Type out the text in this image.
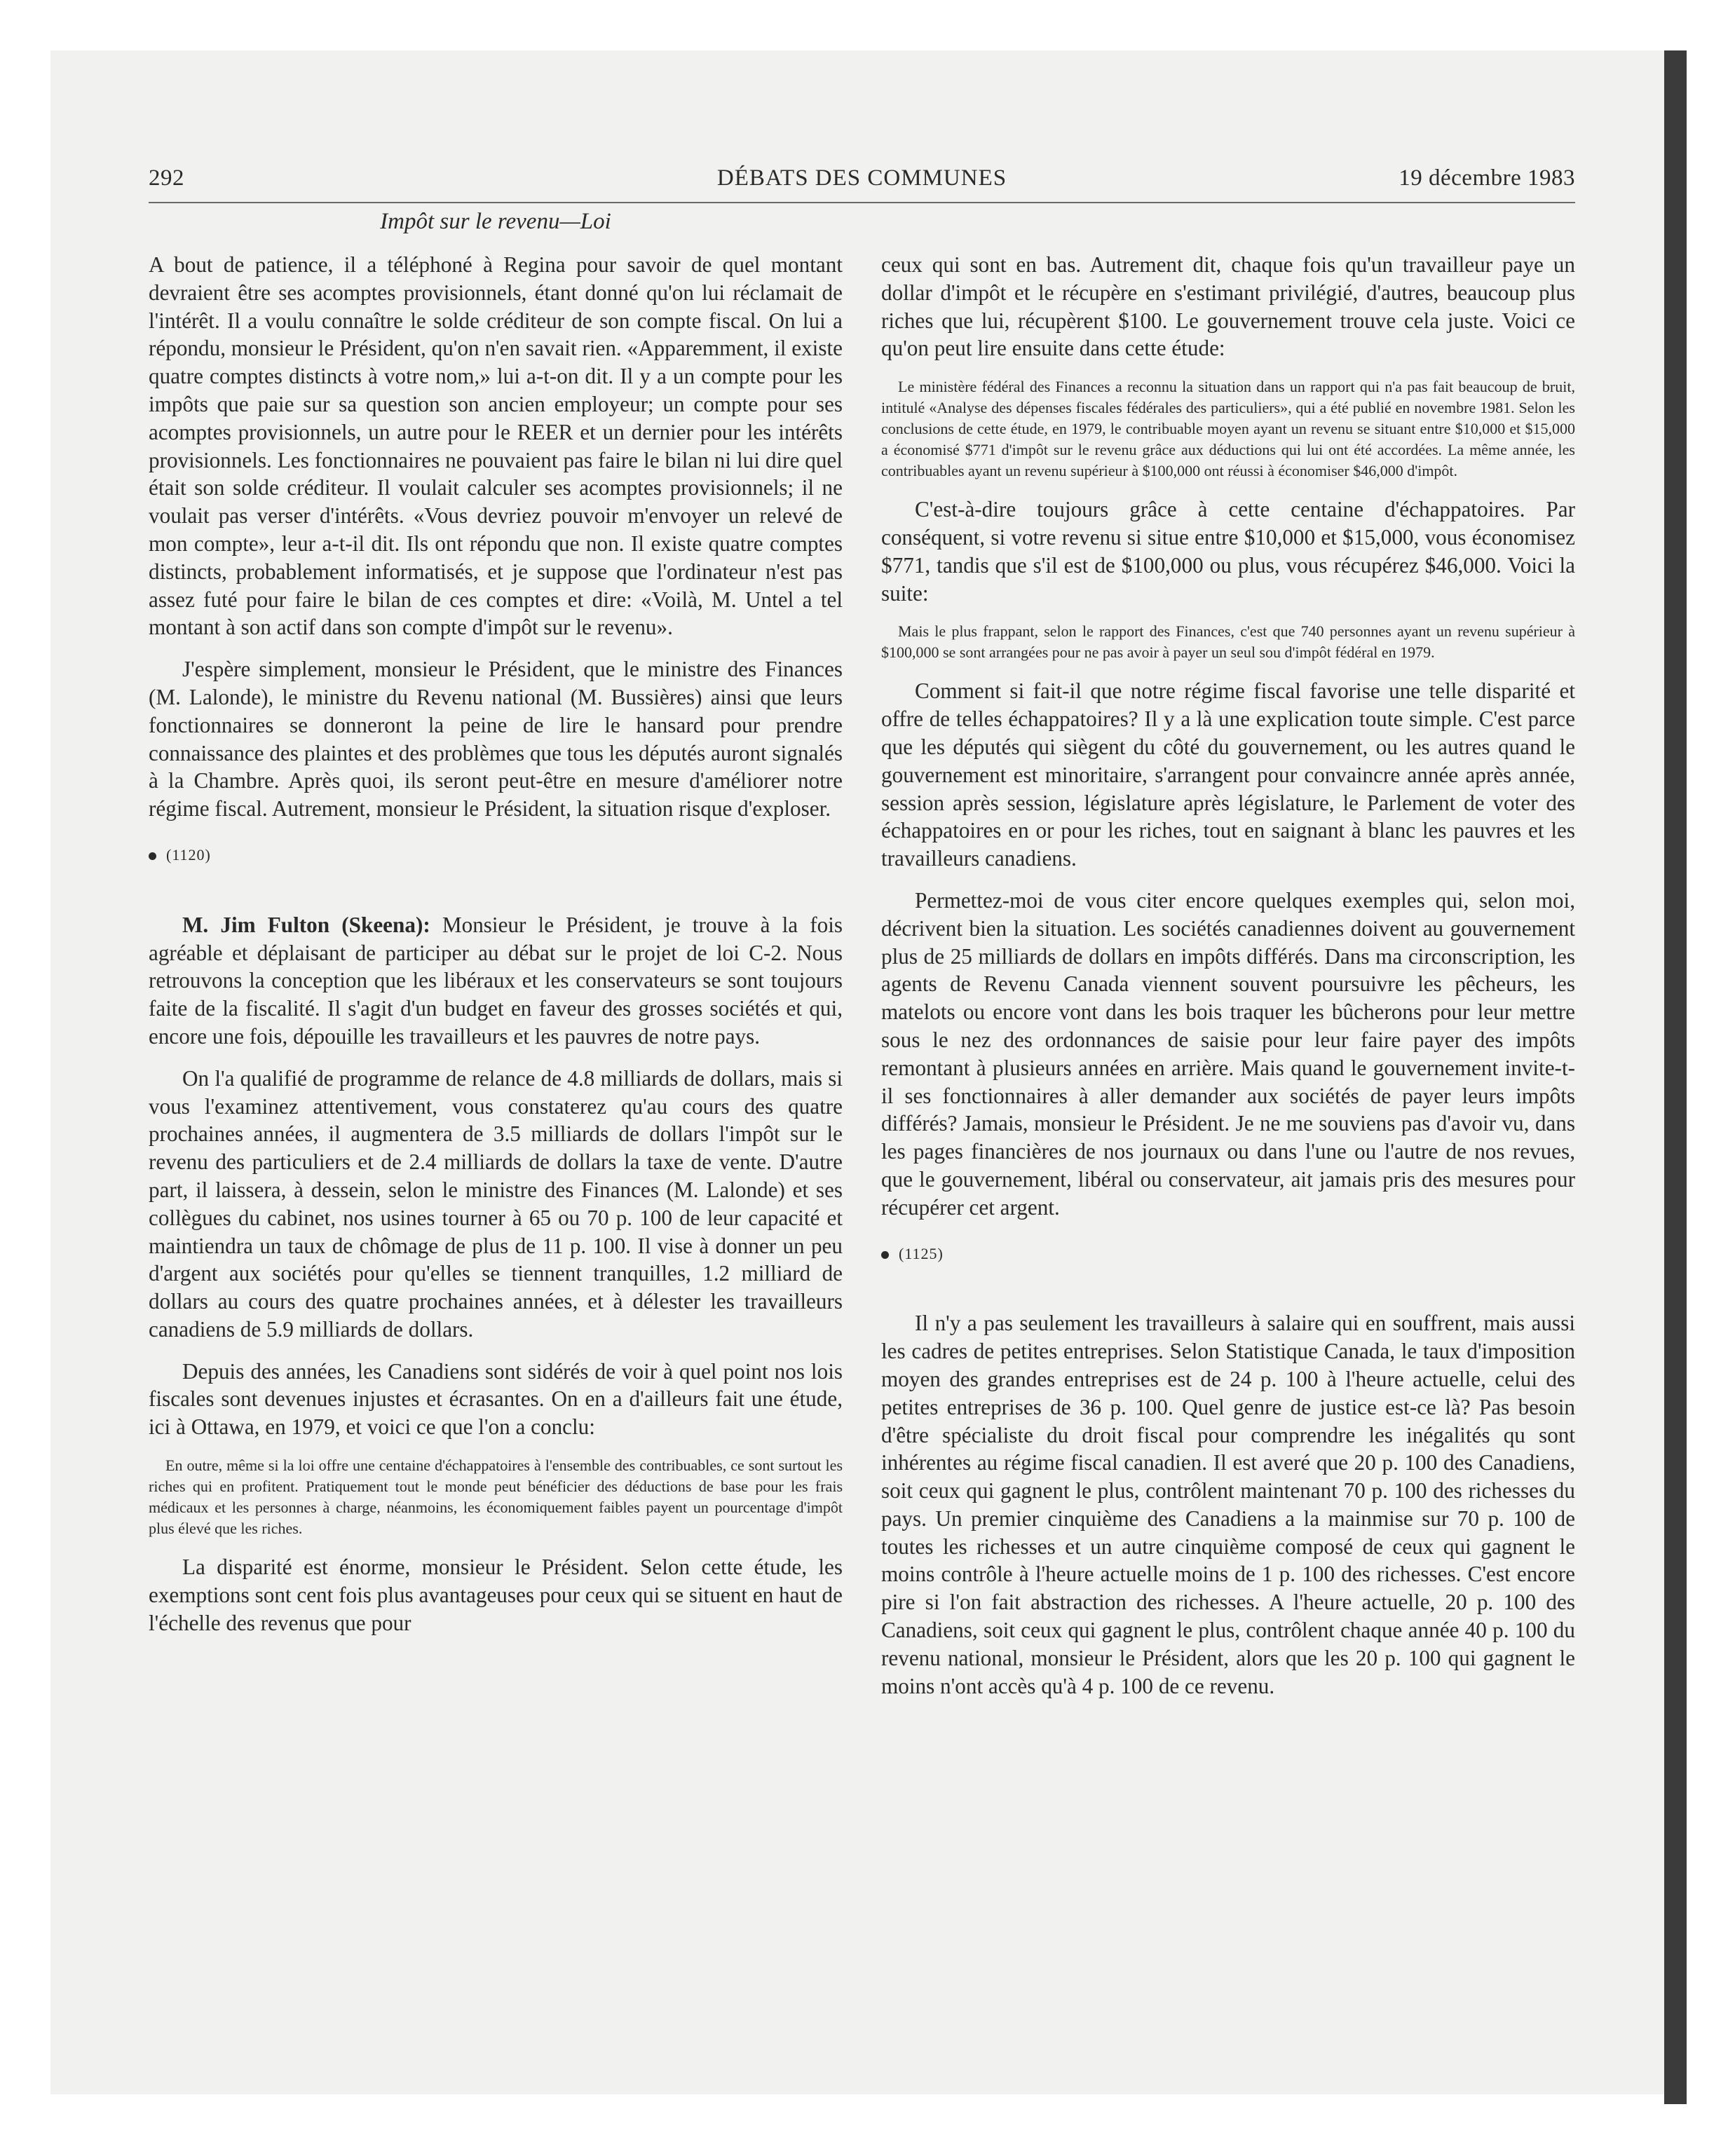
292	DÉBATS DES COMMUNES	19 décembre 1983
Impôt sur le revenu—Loi

A bout de patience, il a téléphoné à Regina pour savoir de quel montant devraient être ses acomptes provisionnels, étant donné qu'on lui réclamait de l'intérêt. Il a voulu connaître le solde créditeur de son compte fiscal. On lui a répondu, monsieur le Président, qu'on n'en savait rien. «Apparemment, il existe quatre comptes distincts à votre nom,» lui a-t-on dit. Il y a un compte pour les impôts que paie sur sa question son ancien employeur; un compte pour ses acomptes provisionnels, un autre pour le REER et un dernier pour les intérêts provisionnels. Les fonctionnaires ne pouvaient pas faire le bilan ni lui dire quel était son solde créditeur. Il voulait calculer ses acomptes provisionnels; il ne voulait pas verser d'intérêts. «Vous devriez pouvoir m'envoyer un relevé de mon compte», leur a-t-il dit. Ils ont répondu que non. Il existe quatre comptes distincts, probablement informatisés, et je suppose que l'ordinateur n'est pas assez futé pour faire le bilan de ces comptes et dire: «Voilà, M. Untel a tel montant à son actif dans son compte d'impôt sur le revenu».

J'espère simplement, monsieur le Président, que le ministre des Finances (M. Lalonde), le ministre du Revenu national (M. Bussières) ainsi que leurs fonctionnaires se donneront la peine de lire le hansard pour prendre connaissance des plaintes et des problèmes que tous les députés auront signalés à la Chambre. Après quoi, ils seront peut-être en mesure d'améliorer notre régime fiscal. Autrement, monsieur le Président, la situation risque d'exploser.

(1120)

M. Jim Fulton (Skeena): Monsieur le Président, je trouve à la fois agréable et déplaisant de participer au débat sur le projet de loi C-2. Nous retrouvons la conception que les libéraux et les conservateurs se sont toujours faite de la fiscalité. Il s'agit d'un budget en faveur des grosses sociétés et qui, encore une fois, dépouille les travailleurs et les pauvres de notre pays.

On l'a qualifié de programme de relance de 4.8 milliards de dollars, mais si vous l'examinez attentivement, vous constaterez qu'au cours des quatre prochaines années, il augmentera de 3.5 milliards de dollars l'impôt sur le revenu des particuliers et de 2.4 milliards de dollars la taxe de vente. D'autre part, il laissera, à dessein, selon le ministre des Finances (M. Lalonde) et ses collègues du cabinet, nos usines tourner à 65 ou 70 p. 100 de leur capacité et maintiendra un taux de chômage de plus de 11 p. 100. Il vise à donner un peu d'argent aux sociétés pour qu'elles se tiennent tranquilles, 1.2 milliard de dollars au cours des quatre prochaines années, et à délester les travailleurs canadiens de 5.9 milliards de dollars.

Depuis des années, les Canadiens sont sidérés de voir à quel point nos lois fiscales sont devenues injustes et écrasantes. On en a d'ailleurs fait une étude, ici à Ottawa, en 1979, et voici ce que l'on a conclu:

En outre, même si la loi offre une centaine d'échappatoires à l'ensemble des contribuables, ce sont surtout les riches qui en profitent. Pratiquement tout le monde peut bénéficier des déductions de base pour les frais médicaux et les personnes à charge, néanmoins, les économiquement faibles payent un pourcentage d'impôt plus élevé que les riches.

La disparité est énorme, monsieur le Président. Selon cette étude, les exemptions sont cent fois plus avantageuses pour ceux qui se situent en haut de l'échelle des revenus que pour

ceux qui sont en bas. Autrement dit, chaque fois qu'un travailleur paye un dollar d'impôt et le récupère en s'estimant privilégié, d'autres, beaucoup plus riches que lui, récupèrent $100. Le gouvernement trouve cela juste. Voici ce qu'on peut lire ensuite dans cette étude:

Le ministère fédéral des Finances a reconnu la situation dans un rapport qui n'a pas fait beaucoup de bruit, intitulé «Analyse des dépenses fiscales fédérales des particuliers», qui a été publié en novembre 1981. Selon les conclusions de cette étude, en 1979, le contribuable moyen ayant un revenu se situant entre $10,000 et $15,000 a économisé $771 d'impôt sur le revenu grâce aux déductions qui lui ont été accordées. La même année, les contribuables ayant un revenu supérieur à $100,000 ont réussi à économiser $46,000 d'impôt.

C'est-à-dire toujours grâce à cette centaine d'échappatoires. Par conséquent, si votre revenu si situe entre $10,000 et $15,000, vous économisez $771, tandis que s'il est de $100,000 ou plus, vous récupérez $46,000. Voici la suite:

Mais le plus frappant, selon le rapport des Finances, c'est que 740 personnes ayant un revenu supérieur à $100,000 se sont arrangées pour ne pas avoir à payer un seul sou d'impôt fédéral en 1979.

Comment si fait-il que notre régime fiscal favorise une telle disparité et offre de telles échappatoires? Il y a là une explication toute simple. C'est parce que les députés qui siègent du côté du gouvernement, ou les autres quand le gouvernement est minoritaire, s'arrangent pour convaincre année après année, session après session, législature après législature, le Parlement de voter des échappatoires en or pour les riches, tout en saignant à blanc les pauvres et les travailleurs canadiens.

Permettez-moi de vous citer encore quelques exemples qui, selon moi, décrivent bien la situation. Les sociétés canadiennes doivent au gouvernement plus de 25 milliards de dollars en impôts différés. Dans ma circonscription, les agents de Revenu Canada viennent souvent poursuivre les pêcheurs, les matelots ou encore vont dans les bois traquer les bûcherons pour leur mettre sous le nez des ordonnances de saisie pour leur faire payer des impôts remontant à plusieurs années en arrière. Mais quand le gouvernement invite-t-il ses fonctionnaires à aller demander aux sociétés de payer leurs impôts différés? Jamais, monsieur le Président. Je ne me souviens pas d'avoir vu, dans les pages financières de nos journaux ou dans l'une ou l'autre de nos revues, que le gouvernement, libéral ou conservateur, ait jamais pris des mesures pour récupérer cet argent.

(1125)

Il n'y a pas seulement les travailleurs à salaire qui en souffrent, mais aussi les cadres de petites entreprises. Selon Statistique Canada, le taux d'imposition moyen des grandes entreprises est de 24 p. 100 à l'heure actuelle, celui des petites entreprises de 36 p. 100. Quel genre de justice est-ce là? Pas besoin d'être spécialiste du droit fiscal pour comprendre les inégalités qu sont inhérentes au régime fiscal canadien. Il est averé que 20 p. 100 des Canadiens, soit ceux qui gagnent le plus, contrôlent maintenant 70 p. 100 des richesses du pays. Un premier cinquième des Canadiens a la mainmise sur 70 p. 100 de toutes les richesses et un autre cinquième composé de ceux qui gagnent le moins contrôle à l'heure actuelle moins de 1 p. 100 des richesses. C'est encore pire si l'on fait abstraction des richesses. A l'heure actuelle, 20 p. 100 des Canadiens, soit ceux qui gagnent le plus, contrôlent chaque année 40 p. 100 du revenu national, monsieur le Président, alors que les 20 p. 100 qui gagnent le moins n'ont accès qu'à 4 p. 100 de ce revenu.
